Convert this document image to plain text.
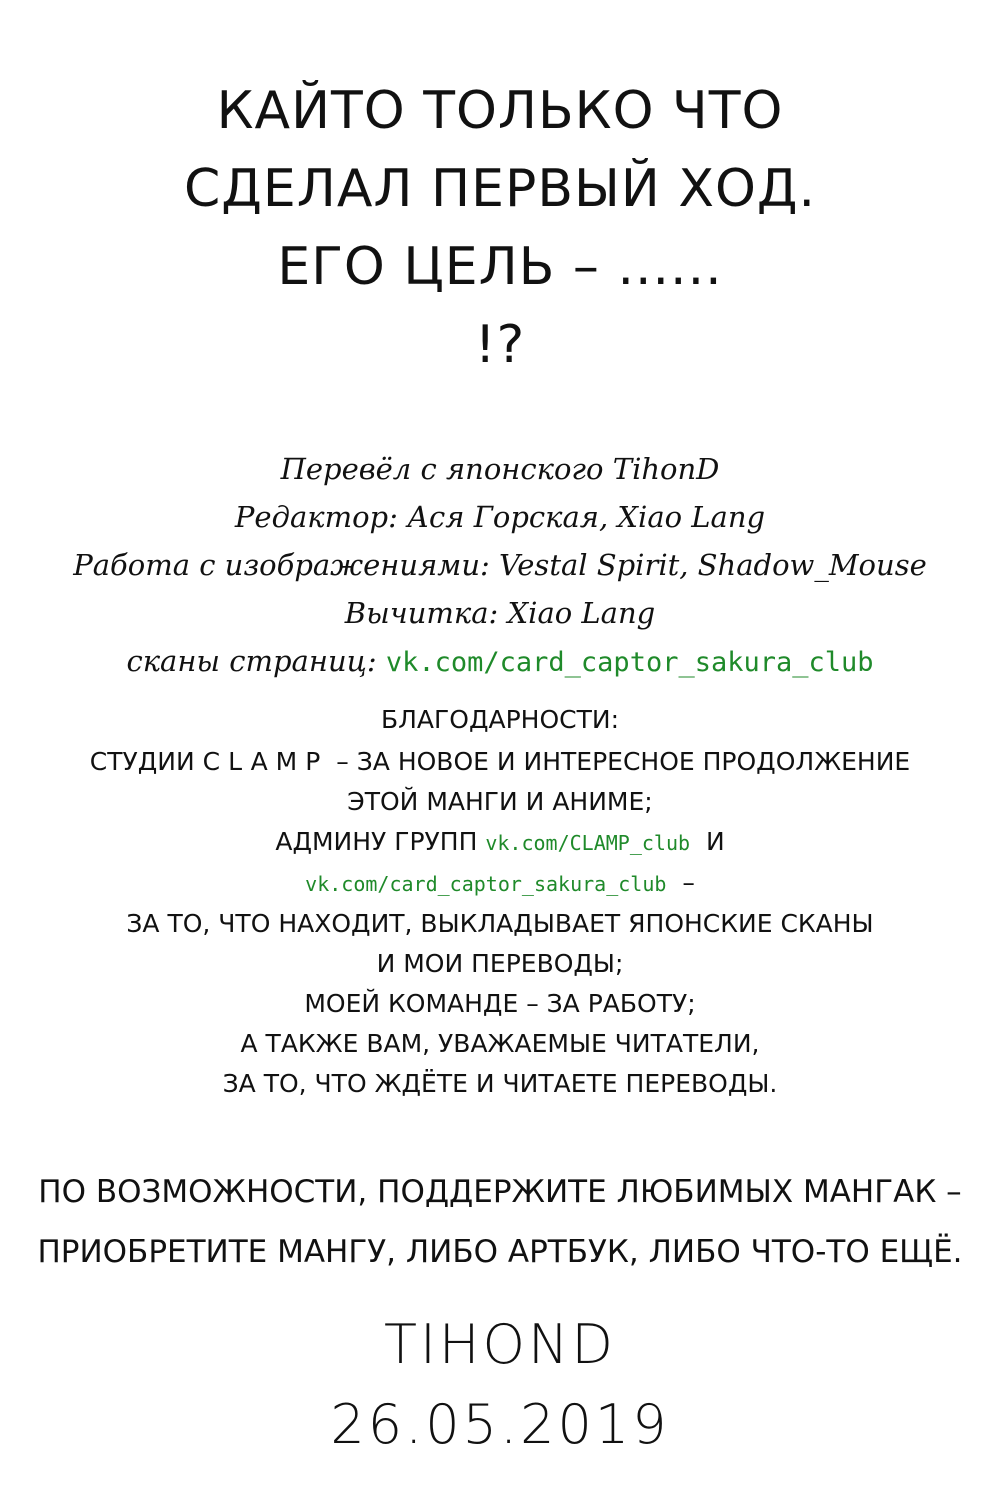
КАЙТО ТОЛЬКО ЧТО
СДЕЛАЛ ПЕРВЫЙ ХОД.
ЕГО ЦЕЛЬ – ......
!?
Перевёл с японского TihonD
Редактор: Ася Горская, Xiao Lang
Работа с изображениями: Vestal Spirit, Shadow_Mouse
Вычитка: Xiao Lang
сканы страниц: vk.com/card_captor_sakura_club
БЛАГОДАРНОСТИ:
СТУДИИ CLAMP – ЗА НОВОЕ И ИНТЕРЕСНОЕ ПРОДОЛЖЕНИЕ
ЭТОЙ МАНГИ И АНИМЕ;
АДМИНУ ГРУПП vk.com/CLAMP_club И
vk.com/card_captor_sakura_club –
ЗА ТО, ЧТО НАХОДИТ, ВЫКЛАДЫВАЕТ ЯПОНСКИЕ СКАНЫ
И МОИ ПЕРЕВОДЫ;
МОЕЙ КОМАНДЕ – ЗА РАБОТУ;
А ТАКЖЕ ВАМ, УВАЖАЕМЫЕ ЧИТАТЕЛИ,
ЗА ТО, ЧТО ЖДЁТЕ И ЧИТАЕТЕ ПЕРЕВОДЫ.
ПО ВОЗМОЖНОСТИ, ПОДДЕРЖИТЕ ЛЮБИМЫХ МАНГАК –
ПРИОБРЕТИТЕ МАНГУ, ЛИБО АРТБУК, ЛИБО ЧТО-ТО ЕЩЁ.
TIHOND
26.05.2019
